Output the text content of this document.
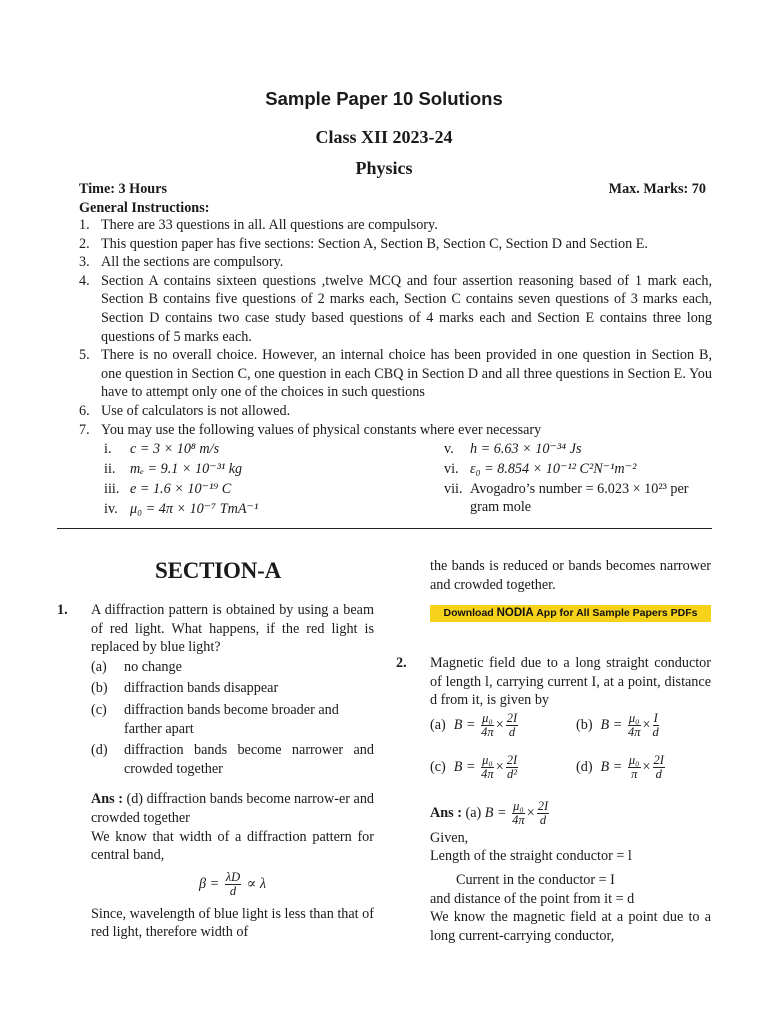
Sample Paper 10 Solutions
Class XII 2023-24
Physics
Time: 3 Hours	Max. Marks: 70
General Instructions:
1. There are 33 questions in all. All questions are compulsory.
2. This question paper has five sections: Section A, Section B, Section C, Section D and Section E.
3. All the sections are compulsory.
4. Section A contains sixteen questions ,twelve MCQ and four assertion reasoning based of 1 mark each, Section B contains five questions of 2 marks each, Section C contains seven questions of 3 marks each, Section D contains two case study based questions of 4 marks each and Section E contains three long questions of 5 marks each.
5. There is no overall choice. However, an internal choice has been provided in one question in Section B, one question in Section C, one question in each CBQ in Section D and all three questions in Section E. You have to attempt only one of the choices in such questions
6. Use of calculators is not allowed.
7. You may use the following values of physical constants where ever necessary
i. c = 3 × 10⁸ m/s
ii. mₑ = 9.1 × 10⁻³¹ kg
iii. e = 1.6 × 10⁻¹⁹ C
iv. μ₀ = 4π × 10⁻⁷ TmA⁻¹
v. h = 6.63 × 10⁻³⁴ Js
vi. ε₀ = 8.854 × 10⁻¹² C²N⁻¹m⁻²
vii. Avogadro’s number = 6.023 × 10²³ per
gram mole
SECTION-A
1.	A diffraction pattern is obtained by using a beam of red light. What happens, if the red light is replaced by blue light?
(a)	no change
(b)	diffraction bands disappear
(c)	diffraction bands become broader and farther apart
(d)	diffraction bands become narrower and crowded together
Ans : (d) diffraction bands become narrow-er and crowded together
We know that width of a diffraction pattern for central band,
$\beta = \frac{\lambda D}{d} \propto \lambda$
Since, wavelength of blue light is less than that of red light, therefore width of
the bands is reduced or bands becomes narrower and crowded together.
Download NODIA App for All Sample Papers PDFs
2.	Magnetic field due to a long straight conductor of length l, carrying current I, at a point, distance d from it, is given by
(a) $B = \frac{\text{μ₀}}{4\pi} \times \frac{2I}{d}$	(b) $B = \frac{\text{μ₀}}{4\pi} \times \frac{I}{d}$
(c) $B = \frac{\text{μ₀}}{4\pi} \times \frac{2I}{\text{d²}}$	(d) $B = \frac{\text{μ₀}}{\pi} \times \frac{2I}{d}$
Ans : (a) $B = \frac{\text{μ₀}}{4\pi} \times \frac{2I}{d}$
Given,
Length of the straight conductor = l
Current in the conductor = I
and distance of the point from it = d
We know the magnetic field at a point due to a long current-carrying conductor,
